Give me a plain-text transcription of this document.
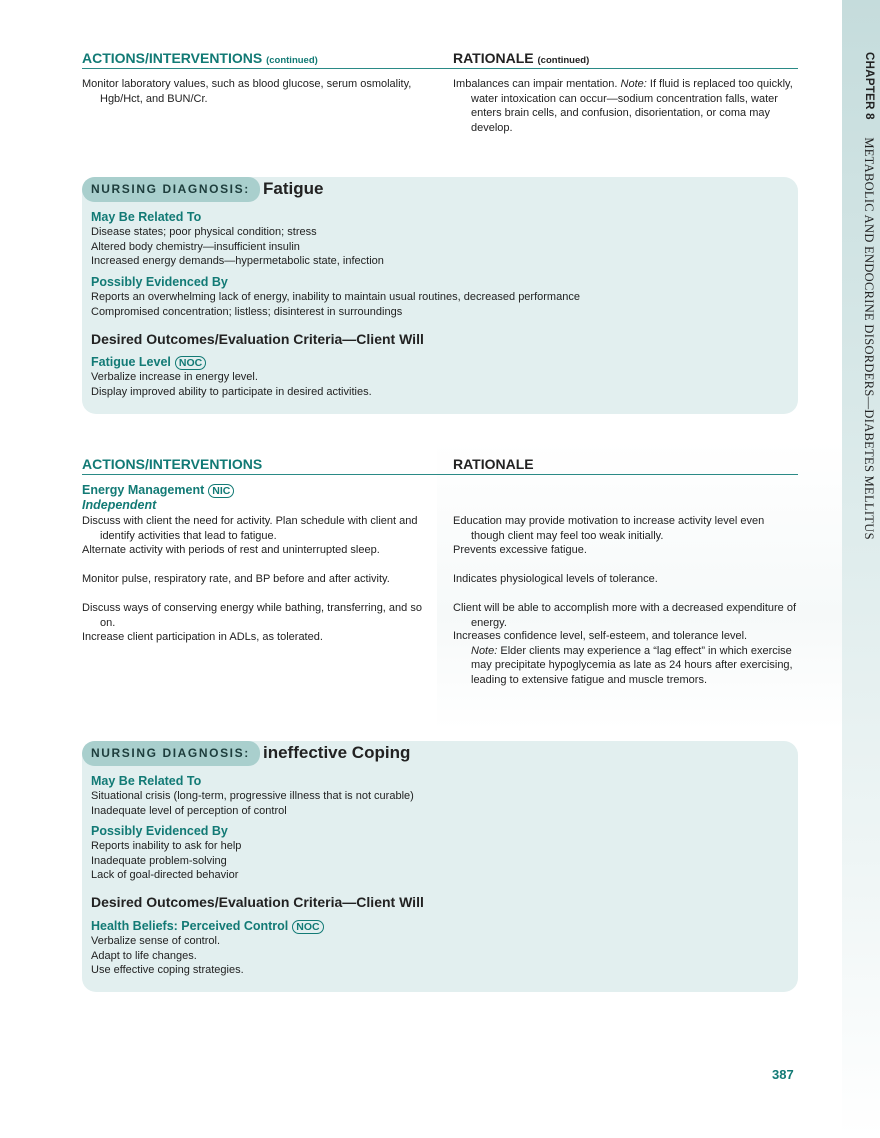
CHAPTER 8 METABOLIC AND ENDOCRINE DISORDERS—DIABETES MELLITUS
ACTIONS/INTERVENTIONS (continued)	RATIONALE (continued)

Monitor laboratory values, such as blood glucose, serum osmolality, Hgb/Hct, and BUN/Cr.

Imbalances can impair mentation. Note: If fluid is replaced too quickly, water intoxication can occur—sodium concentration falls, water enters brain cells, and confusion, disorientation, or coma may develop.

NURSING DIAGNOSIS: Fatigue
May Be Related To
Disease states; poor physical condition; stress
Altered body chemistry—insufficient insulin
Increased energy demands—hypermetabolic state, infection
Possibly Evidenced By
Reports an overwhelming lack of energy, inability to maintain usual routines, decreased performance
Compromised concentration; listless; disinterest in surroundings
Desired Outcomes/Evaluation Criteria—Client Will
Fatigue Level NOC
Verbalize increase in energy level.
Display improved ability to participate in desired activities.
ACTIONS/INTERVENTIONS	RATIONALE
Energy Management NIC
Independent

Discuss with client the need for activity. Plan schedule with client and identify activities that lead to fatigue.

Alternate activity with periods of rest and uninterrupted sleep.

Monitor pulse, respiratory rate, and BP before and after activity.

Discuss ways of conserving energy while bathing, transferring, and so on.

Increase client participation in ADLs, as tolerated.

Education may provide motivation to increase activity level even though client may feel too weak initially.

Prevents excessive fatigue.

Indicates physiological levels of tolerance.

Client will be able to accomplish more with a decreased expenditure of energy.

Increases confidence level, self-esteem, and tolerance level.

Note: Elder clients may experience a “lag effect” in which exercise may precipitate hypoglycemia as late as 24 hours after exercising, leading to extensive fatigue and muscle tremors.
NURSING DIAGNOSIS: ineffective Coping
May Be Related To
Situational crisis (long-term, progressive illness that is not curable)
Inadequate level of perception of control
Possibly Evidenced By
Reports inability to ask for help
Inadequate problem-solving
Lack of goal-directed behavior
Desired Outcomes/Evaluation Criteria—Client Will
Health Beliefs: Perceived Control NOC
Verbalize sense of control.
Adapt to life changes.
Use effective coping strategies.
387
